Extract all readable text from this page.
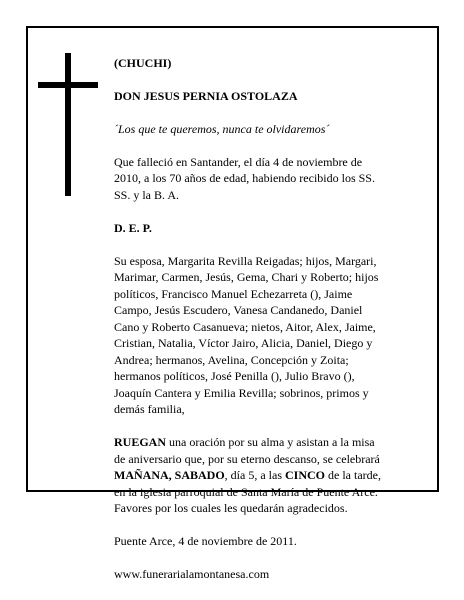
(CHUCHI)

DON JESUS PERNIA OSTOLAZA

´Los que te queremos, nunca te olvidaremos´

Que falleció en Santander, el día 4 de noviembre de
2010, a los 70 años de edad, habiendo recibido los SS.
SS. y la B. A.

D. E. P.

Su esposa, Margarita Revilla Reigadas; hijos, Margari,
Marimar, Carmen, Jesús, Gema, Chari y Roberto; hijos
políticos, Francisco Manuel Echezarreta (), Jaime
Campo, Jesús Escudero, Vanesa Candanedo, Daniel
Cano y Roberto Casanueva; nietos, Aitor, Alex, Jaime,
Cristian, Natalia, Víctor Jairo, Alicia, Daniel, Diego y
Andrea; hermanos, Avelina, Concepción y Zoita;
hermanos políticos, José Penilla (), Julio Bravo (),
Joaquín Cantera y Emilia Revilla; sobrinos, primos y
demás familia,

RUEGAN una oración por su alma y asistan a la misa
de aniversario que, por su eterno descanso, se celebrará
MAÑANA, SABADO, día 5, a las CINCO de la tarde,
en la iglesia parroquial de Santa María de Puente Arce.
Favores por los cuales les quedarán agradecidos.

Puente Arce, 4 de noviembre de 2011.

www.funerarialamontanesa.com
